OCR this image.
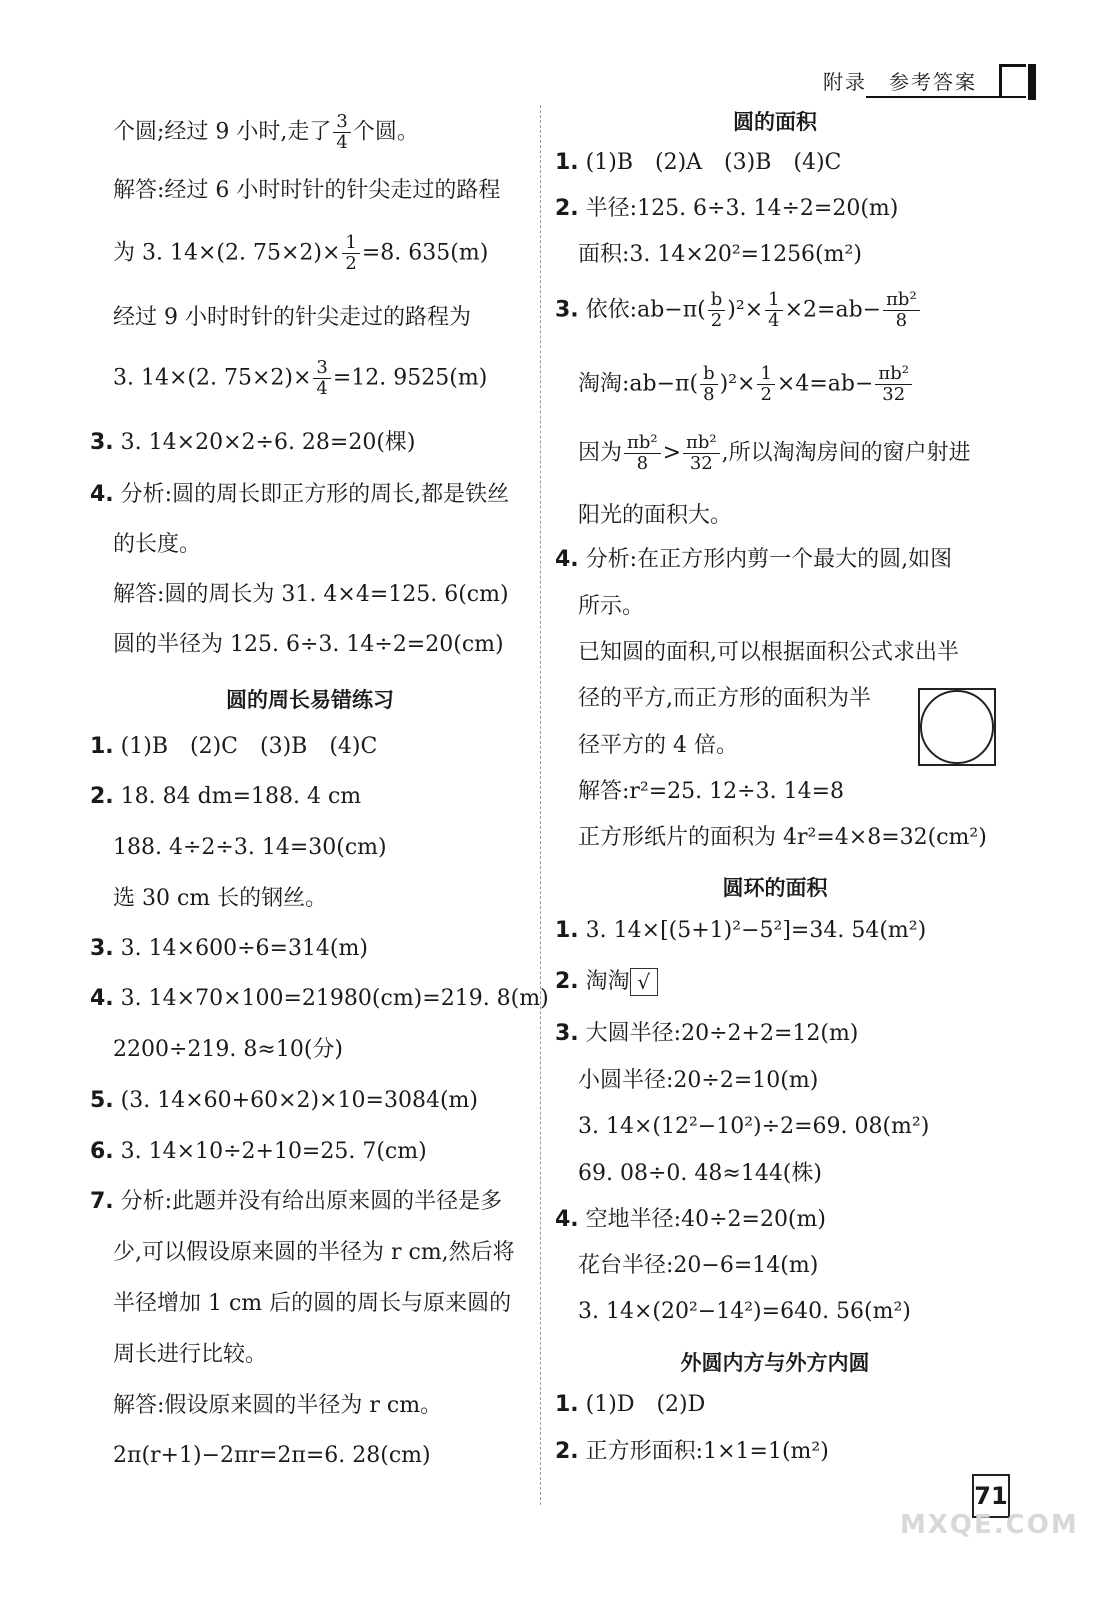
附录 参考答案
个圆;经过 9 小时,走了 $\frac{3}{4}$ 个圆。
解答:经过 6 小时时针的针尖走过的路程
为 3. 14×(2. $75\times 2)\times \frac{1}{2} =8$. 635(m)
经过 9 小时时针的针尖走过的路程为
3. 14×(2. $75\times 2)\times \frac{3}{4} =12$. 9525(m)
3. 3. 14×20×2÷6. 28=20(棵)
4. 分析:圆的周长即正方形的周长,都是铁丝
的长度。
解答:圆的周长为 31. 4×4=125. 6(cm)
圆的半径为 125. 6÷3. 14÷2=20(cm)
圆的周长易错练习
1. (1)B　(2)C　(3)B　(4)C
2. 18. 84 dm=188. 4 cm
188. 4÷2÷3. 14=30(cm)
选 30 cm 长的钢丝。
3. 3. 14×600÷6=314(m)
4. 3. 14×70×100=21980(cm)=219. 8(m)
2200÷219. 8≈10(分)
5. (3. 14×60+60×2)×10=3084(m)
6. 3. 14×10÷2+10=25. 7(cm)
7. 分析:此题并没有给出原来圆的半径是多
少,可以假设原来圆的半径为 r cm,然后将
半径增加 1 cm 后的圆的周长与原来圆的
周长进行比较。
解答:假设原来圆的半径为 r cm。
2π(r+1)−2πr=2π=6. 28(cm)
圆的面积
1. (1)B　(2)A　(3)B　(4)C
2. 半径:125. 6÷3. 14÷2=20(m)
面积:3. 14×20²=1256(m²)
3. 依依:ab−π( $\frac{b}{2} )^2\times \frac{1}{4} \times 2=ab- \frac{\text{πb²}}{8}$
淘淘:ab−π( $\frac{b}{8} )^2\times \frac{1}{2} \times 4=ab- \frac{\text{πb²}}{32}$
因为 $\frac{\text{πb²}}{8} > \frac{\text{πb²}}{32}$ ,所以淘淘房间的窗户射进
阳光的面积大。
4. 分析:在正方形内剪一个最大的圆,如图
所示。
已知圆的面积,可以根据面积公式求出半
径的平方,而正方形的面积为半
径平方的 4 倍。
解答:r²=25. 12÷3. 14=8
正方形纸片的面积为 4r²=4×8=32(cm²)
圆环的面积
1. 3. 14×[(5+1)²−5²]=34. 54(m²)
2. 淘淘 √
3. 大圆半径:20÷2+2=12(m)
小圆半径:20÷2=10(m)
3. 14×(12²−10²)÷2=69. 08(m²)
69. 08÷0. 48≈144(株)
4. 空地半径:40÷2=20(m)
花台半径:20−6=14(m)
3. 14×(20²−14²)=640. 56(m²)
外圆内方与外方内圆
1. (1)D　(2)D
2. 正方形面积:1×1=1(m²)
71
MXQE.COM
